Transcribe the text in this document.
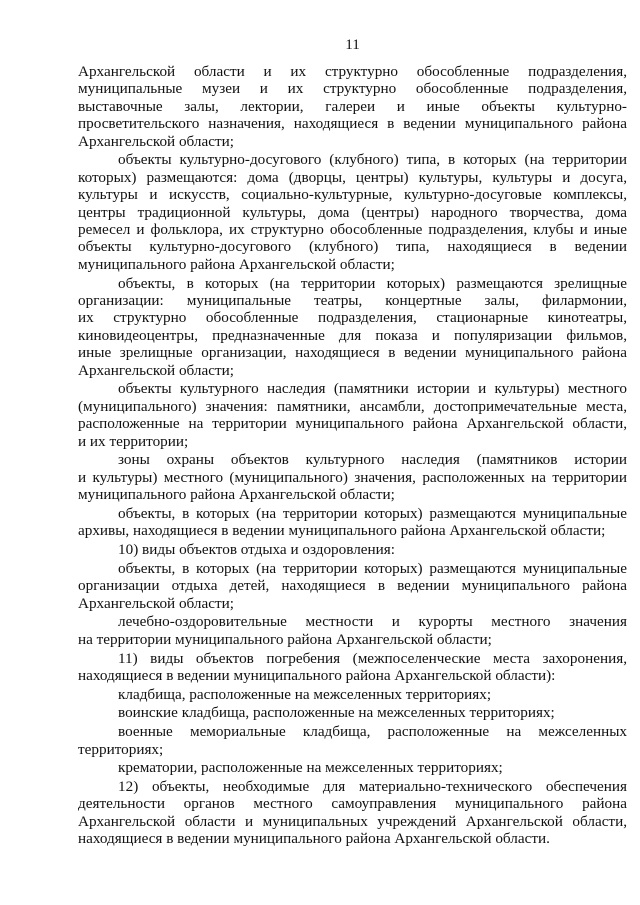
11
Архангельской области и их структурно обособленные подразделения,
муниципальные музеи и их структурно обособленные подразделения,
выставочные залы, лектории, галереи и иные объекты культурно-
просветительского назначения, находящиеся в ведении муниципального района
Архангельской области;
объекты культурно-досугового (клубного) типа, в которых (на территории
которых) размещаются: дома (дворцы, центры) культуры, культуры и досуга,
культуры и искусств, социально-культурные, культурно-досуговые комплексы,
центры традиционной культуры, дома (центры) народного творчества, дома
ремесел и фольклора, их структурно обособленные подразделения, клубы и иные
объекты культурно-досугового (клубного) типа, находящиеся в ведении
муниципального района Архангельской области;
объекты, в которых (на территории которых) размещаются зрелищные
организации: муниципальные театры, концертные залы, филармонии,
их структурно обособленные подразделения, стационарные кинотеатры,
киновидеоцентры, предназначенные для показа и популяризации фильмов,
иные зрелищные организации, находящиеся в ведении муниципального района
Архангельской области;
объекты культурного наследия (памятники истории и культуры) местного
(муниципального) значения: памятники, ансамбли, достопримечательные места,
расположенные на территории муниципального района Архангельской области,
и их территории;
зоны охраны объектов культурного наследия (памятников истории
и культуры) местного (муниципального) значения, расположенных на территории
муниципального района Архангельской области;
объекты, в которых (на территории которых) размещаются муниципальные
архивы, находящиеся в ведении муниципального района Архангельской области;
10) виды объектов отдыха и оздоровления:
объекты, в которых (на территории которых) размещаются муниципальные
организации отдыха детей, находящиеся в ведении муниципального района
Архангельской области;
лечебно-оздоровительные местности и курорты местного значения
на территории муниципального района Архангельской области;
11) виды объектов погребения (межпоселенческие места захоронения,
находящиеся в ведении муниципального района Архангельской области):
кладбища, расположенные на межселенных территориях;
воинские кладбища, расположенные на межселенных территориях;
военные мемориальные кладбища, расположенные на межселенных
территориях;
крематории, расположенные на межселенных территориях;
12) объекты, необходимые для материально-технического обеспечения
деятельности органов местного самоуправления муниципального района
Архангельской области и муниципальных учреждений Архангельской области,
находящиеся в ведении муниципального района Архангельской области.
